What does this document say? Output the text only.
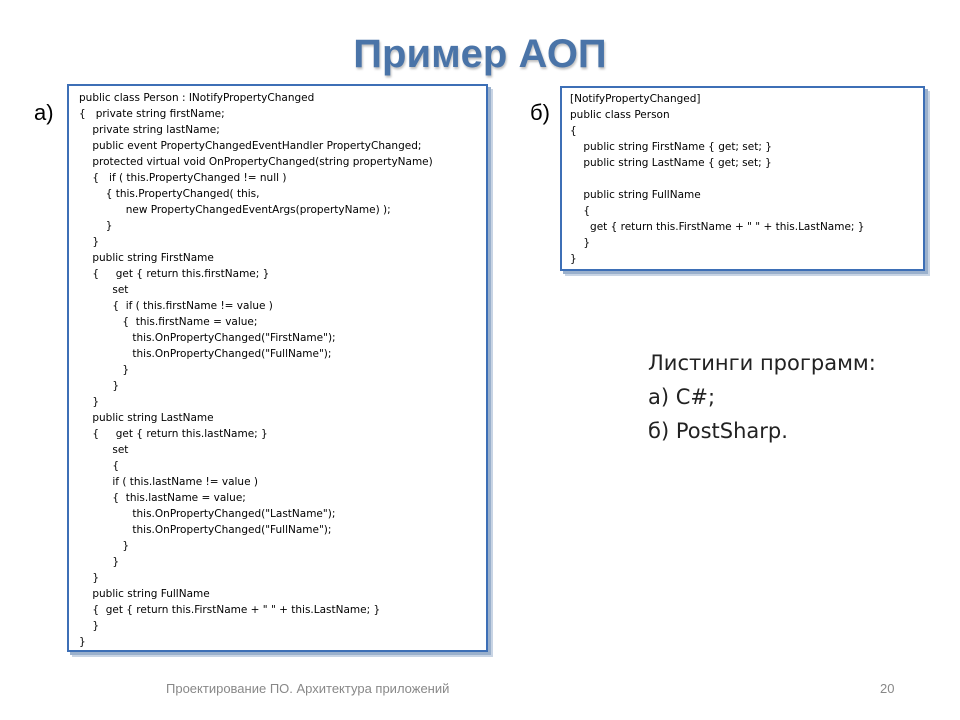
Пример АОП
а)	б)
public class Person : INotifyPropertyChanged
{   private string firstName;
private string lastName;
public event PropertyChangedEventHandler PropertyChanged;
protected virtual void OnPropertyChanged(string propertyName)
{   if ( this.PropertyChanged != null )
{ this.PropertyChanged( this,
new PropertyChangedEventArgs(propertyName) );
}
}
public string FirstName
{     get { return this.firstName; }
set
{  if ( this.firstName != value )
{  this.firstName = value;
this.OnPropertyChanged("FirstName");
this.OnPropertyChanged("FullName");
}
}
}
public string LastName
{     get { return this.lastName; }
set
{
if ( this.lastName != value )
{  this.lastName = value;
this.OnPropertyChanged("LastName");
this.OnPropertyChanged("FullName");
}
}
}
public string FullName
{  get { return this.FirstName + " " + this.LastName; }
}
}
[NotifyPropertyChanged]
public class Person
{
public string FirstName { get; set; }
public string LastName { get; set; }
public string FullName
{
get { return this.FirstName + " " + this.LastName; }
}
}
Листинги программ:
а) C#;
б) PostSharp.
Проектирование ПО. Архитектура приложений	20
